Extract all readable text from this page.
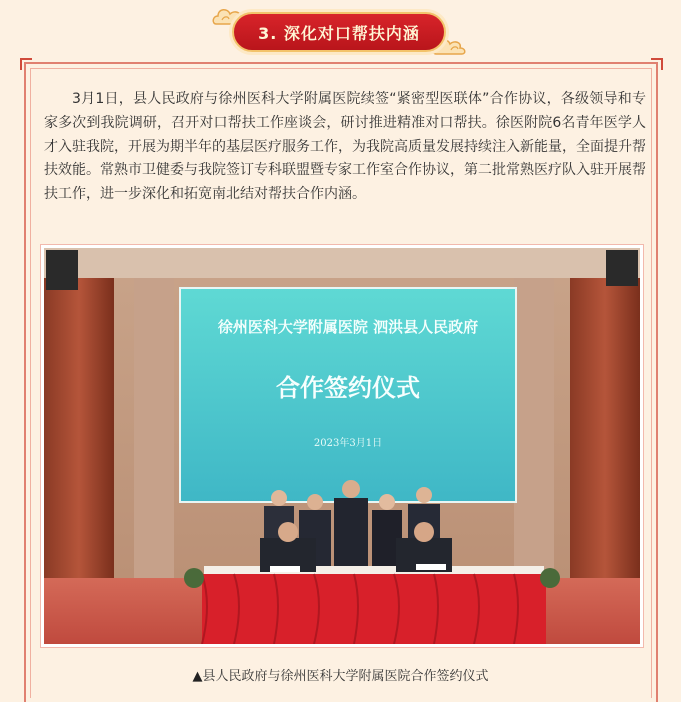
3. 深化对口帮扶内涵
3月1日，县人民政府与徐州医科大学附属医院续签“紧密型医联体”合作协议，各级领导和专家多次到我院调研，召开对口帮扶工作座谈会，研讨推进精准对口帮扶。徐医附院6名青年医学人才入驻我院，开展为期半年的基层医疗服务工作，为我院高质量发展持续注入新能量，全面提升帮扶效能。常熟市卫健委与我院签订专科联盟暨专家工作室合作协议，第二批常熟医疗队入驻开展帮扶工作，进一步深化和拓宽南北结对帮扶合作内涵。
徐州医科大学附属医院 泗洪县人民政府
合作签约仪式
2023年3月1日
▲县人民政府与徐州医科大学附属医院合作签约仪式
